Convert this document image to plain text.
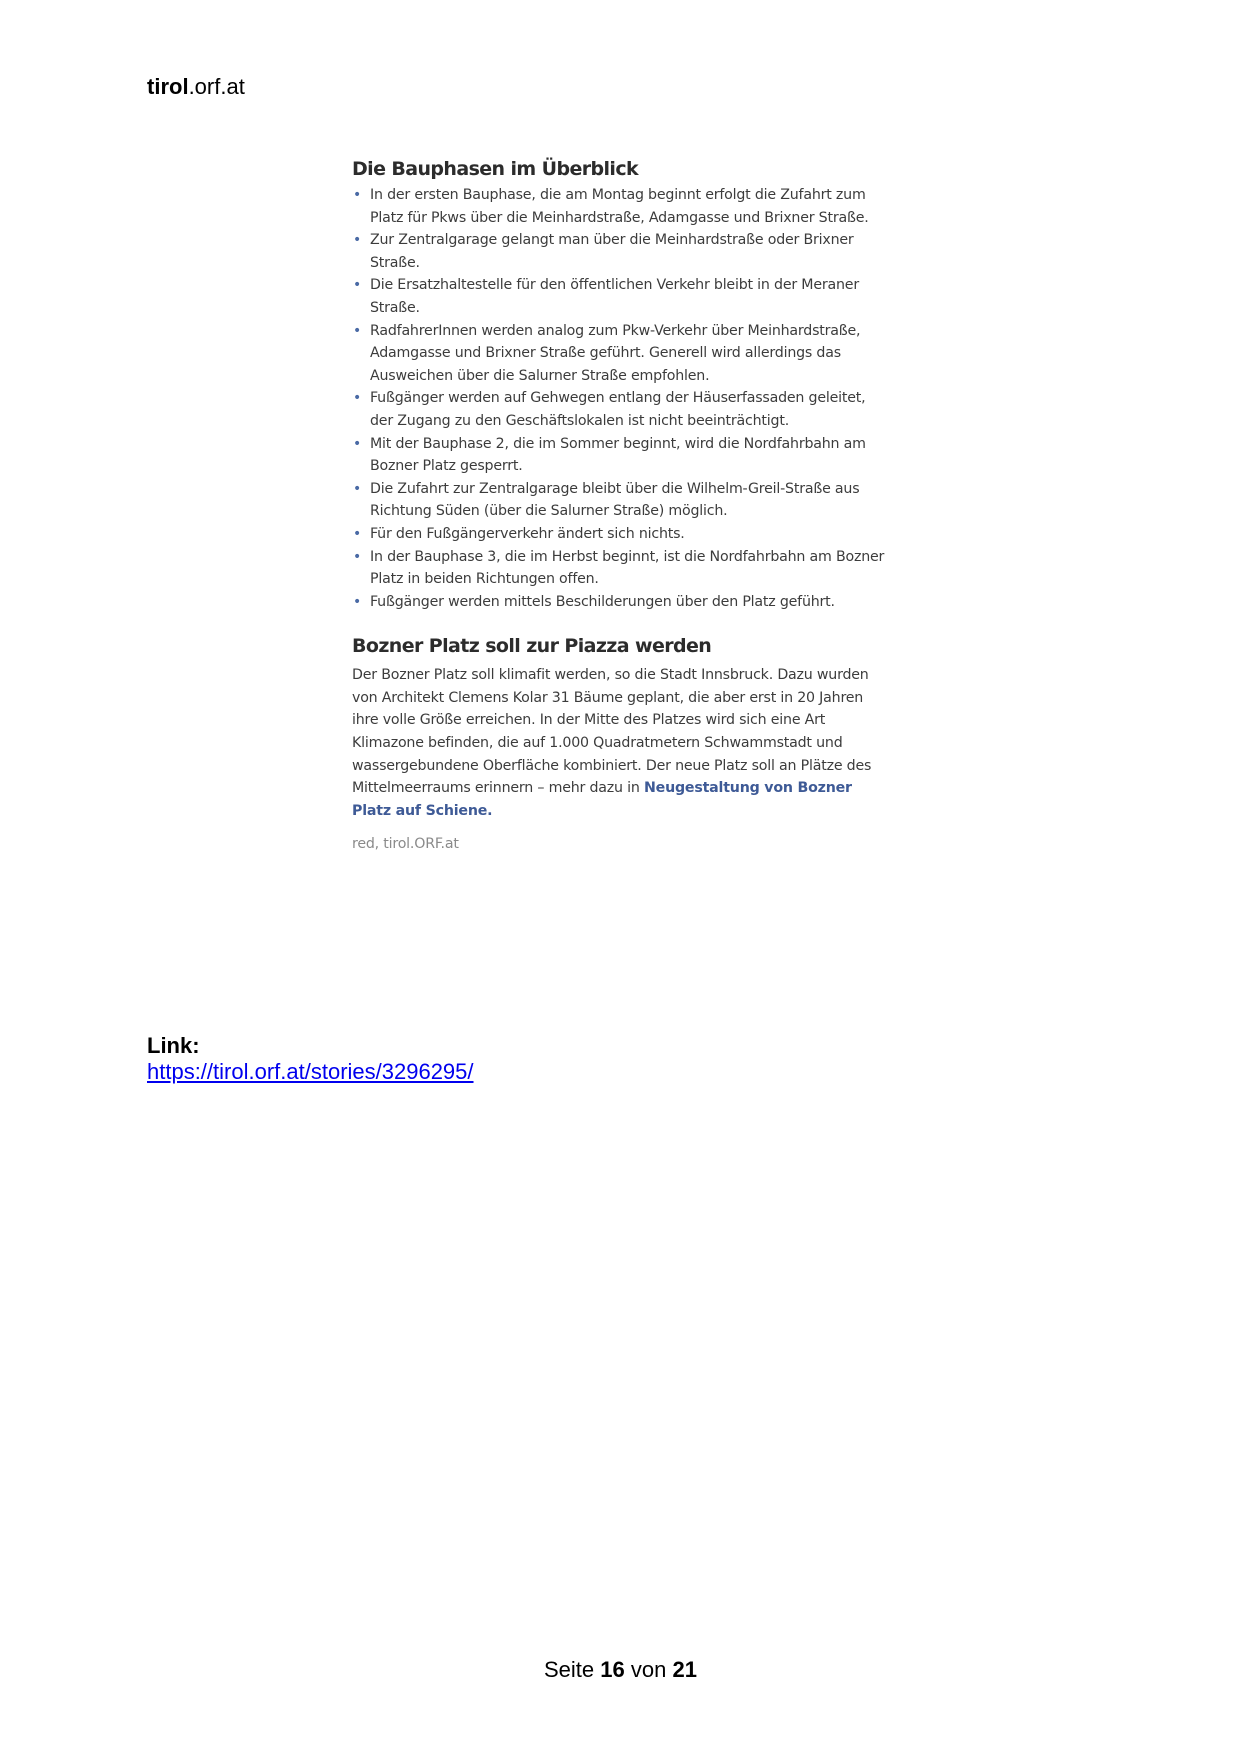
tirol.orf.at
Die Bauphasen im Überblick
• In der ersten Bauphase, die am Montag beginnt erfolgt die Zufahrt zum Platz für Pkws über die Meinhardstraße, Adamgasse und Brixner Straße.
• Zur Zentralgarage gelangt man über die Meinhardstraße oder Brixner Straße.
• Die Ersatzhaltestelle für den öffentlichen Verkehr bleibt in der Meraner Straße.
• RadfahrerInnen werden analog zum Pkw-Verkehr über Meinhardstraße, Adamgasse und Brixner Straße geführt. Generell wird allerdings das Ausweichen über die Salurner Straße empfohlen.
• Fußgänger werden auf Gehwegen entlang der Häuserfassaden geleitet, der Zugang zu den Geschäftslokalen ist nicht beeinträchtigt.
• Mit der Bauphase 2, die im Sommer beginnt, wird die Nordfahrbahn am Bozner Platz gesperrt.
• Die Zufahrt zur Zentralgarage bleibt über die Wilhelm-Greil-Straße aus Richtung Süden (über die Salurner Straße) möglich.
• Für den Fußgängerverkehr ändert sich nichts.
• In der Bauphase 3, die im Herbst beginnt, ist die Nordfahrbahn am Bozner Platz in beiden Richtungen offen.
• Fußgänger werden mittels Beschilderungen über den Platz geführt.
Bozner Platz soll zur Piazza werden

Der Bozner Platz soll klimafit werden, so die Stadt Innsbruck. Dazu wurden von Architekt Clemens Kolar 31 Bäume geplant, die aber erst in 20 Jahren ihre volle Größe erreichen. In der Mitte des Platzes wird sich eine Art Klimazone befinden, die auf 1.000 Quadratmetern Schwammstadt und wassergebundene Oberfläche kombiniert. Der neue Platz soll an Plätze des Mittelmeerraums erinnern – mehr dazu in Neugestaltung von Bozner Platz auf Schiene.

red, tirol.ORF.at
Link:
https://tirol.orf.at/stories/3296295/
Seite 16 von 21
